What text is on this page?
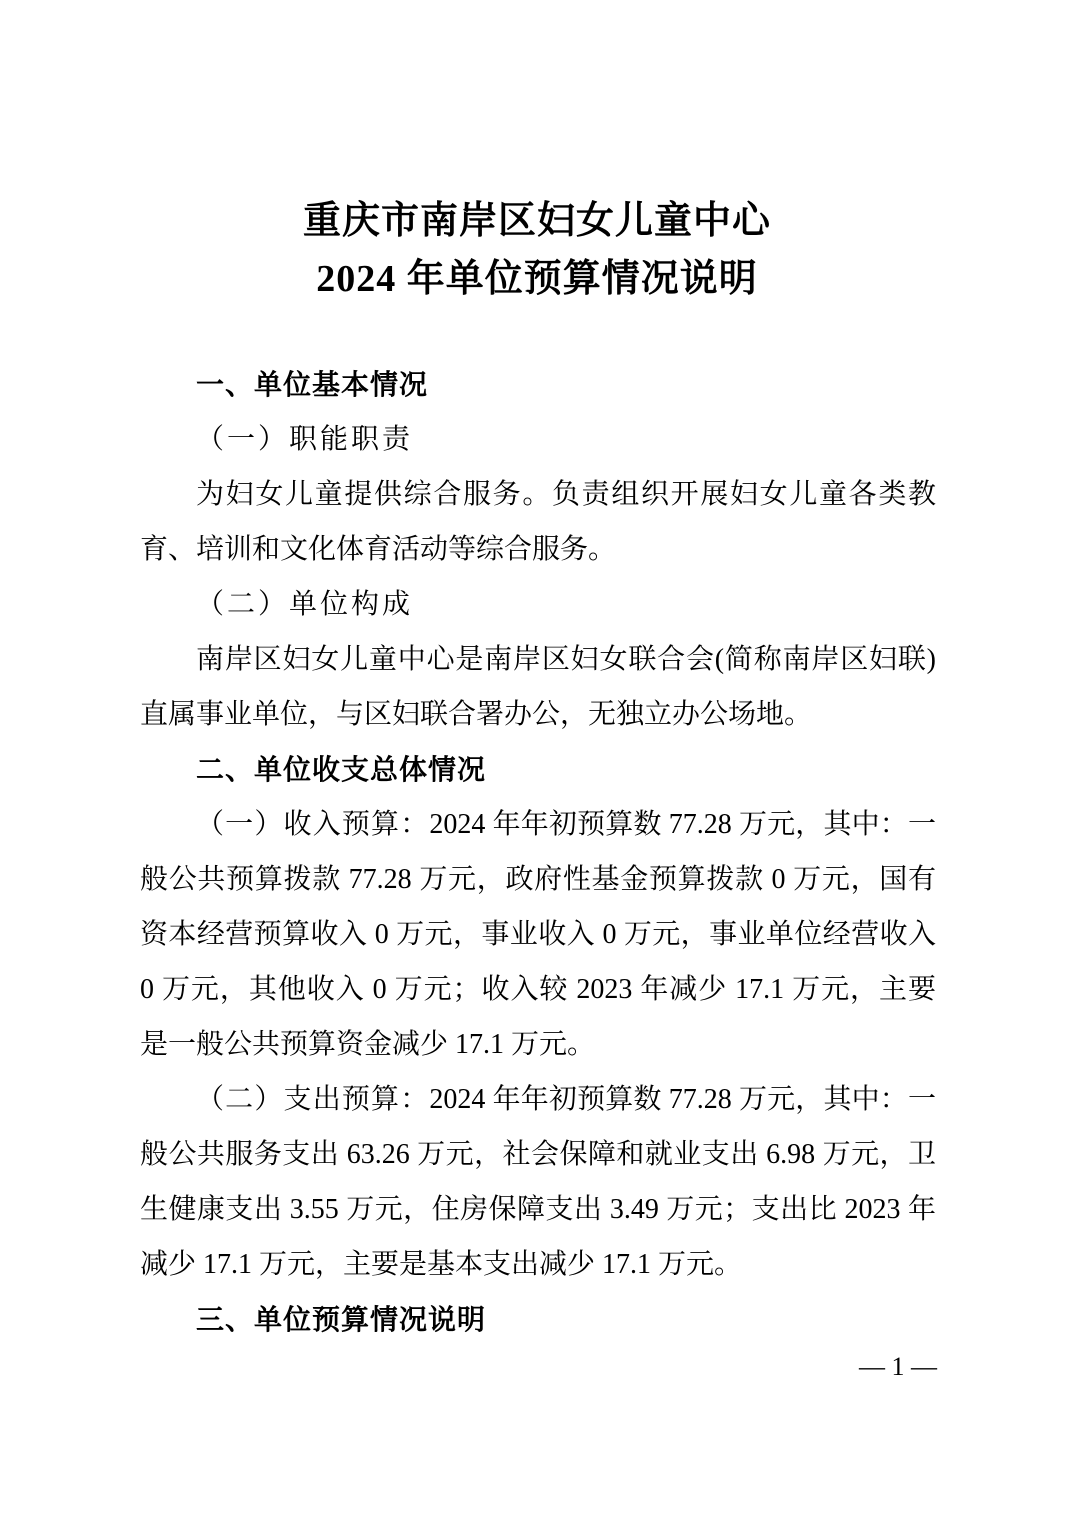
重庆市南岸区妇女儿童中心
2024 年单位预算情况说明
一、单位基本情况
（一）职能职责
为妇女儿童提供综合服务。负责组织开展妇女儿童各类教
育、培训和文化体育活动等综合服务。
（二）单位构成
南岸区妇女儿童中心是南岸区妇女联合会(简称南岸区妇联)
直属事业单位，与区妇联合署办公，无独立办公场地。
二、单位收支总体情况
（一）收入预算：2024 年年初预算数 77.28 万元，其中：一
般公共预算拨款 77.28 万元，政府性基金预算拨款 0 万元，国有
资本经营预算收入 0 万元，事业收入 0 万元，事业单位经营收入
0 万元，其他收入 0 万元；收入较 2023 年减少 17.1 万元，主要
是一般公共预算资金减少 17.1 万元。
（二）支出预算：2024 年年初预算数 77.28 万元，其中：一
般公共服务支出 63.26 万元，社会保障和就业支出 6.98 万元，卫
生健康支出 3.55 万元，住房保障支出 3.49 万元；支出比 2023 年
减少 17.1 万元，主要是基本支出减少 17.1 万元。
三、单位预算情况说明
— 1 —
